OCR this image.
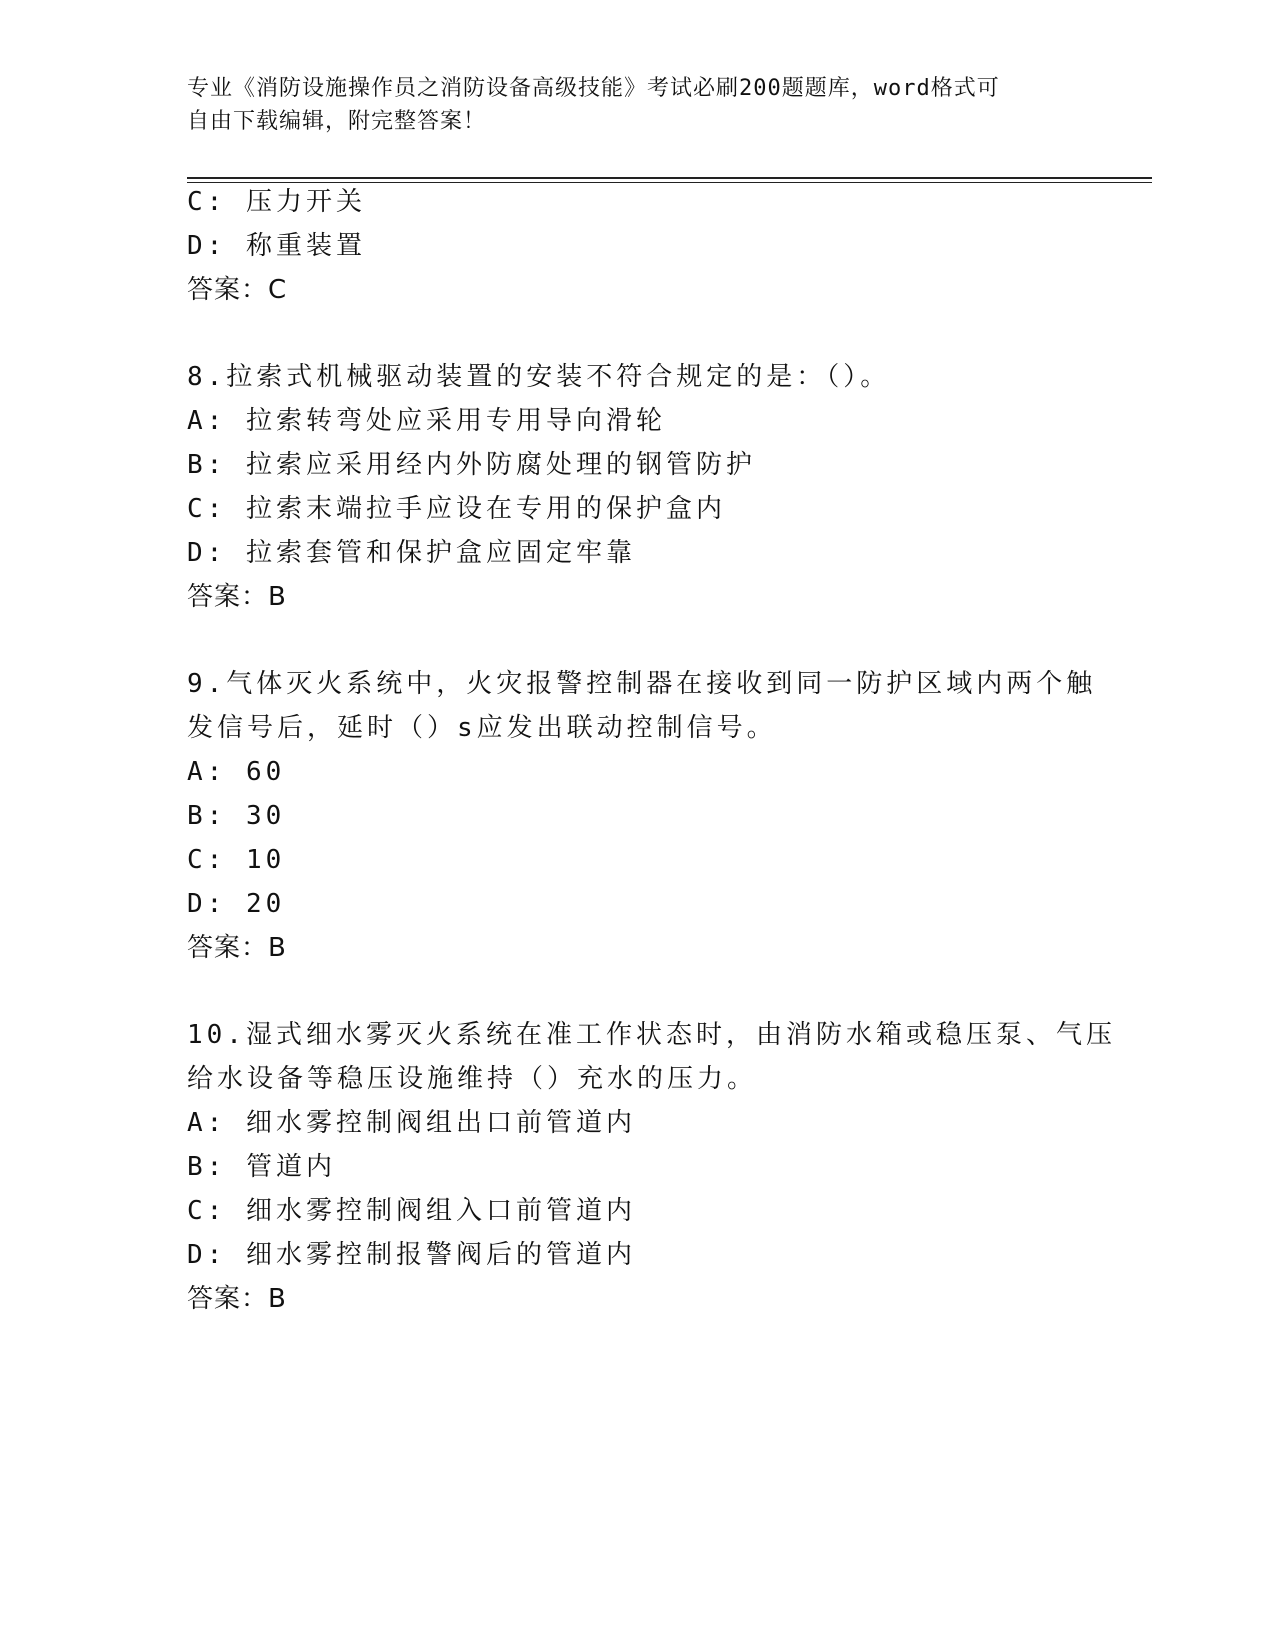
专业《消防设施操作员之消防设备高级技能》考试必刷200题题库，word格式可
自由下载编辑，附完整答案！
C: 压力开关
D: 称重装置
答案：C
8.拉索式机械驱动装置的安装不符合规定的是：（）。
A: 拉索转弯处应采用专用导向滑轮
B: 拉索应采用经内外防腐处理的钢管防护
C: 拉索末端拉手应设在专用的保护盒内
D: 拉索套管和保护盒应固定牢靠
答案：B
9.气体灭火系统中，火灾报警控制器在接收到同一防护区域内两个触
发信号后，延时（）s应发出联动控制信号。
A: 60
B: 30
C: 10
D: 20
答案：B
10.湿式细水雾灭火系统在准工作状态时，由消防水箱或稳压泵、气压
给水设备等稳压设施维持（）充水的压力。
A: 细水雾控制阀组出口前管道内
B: 管道内
C: 细水雾控制阀组入口前管道内
D: 细水雾控制报警阀后的管道内
答案：B
